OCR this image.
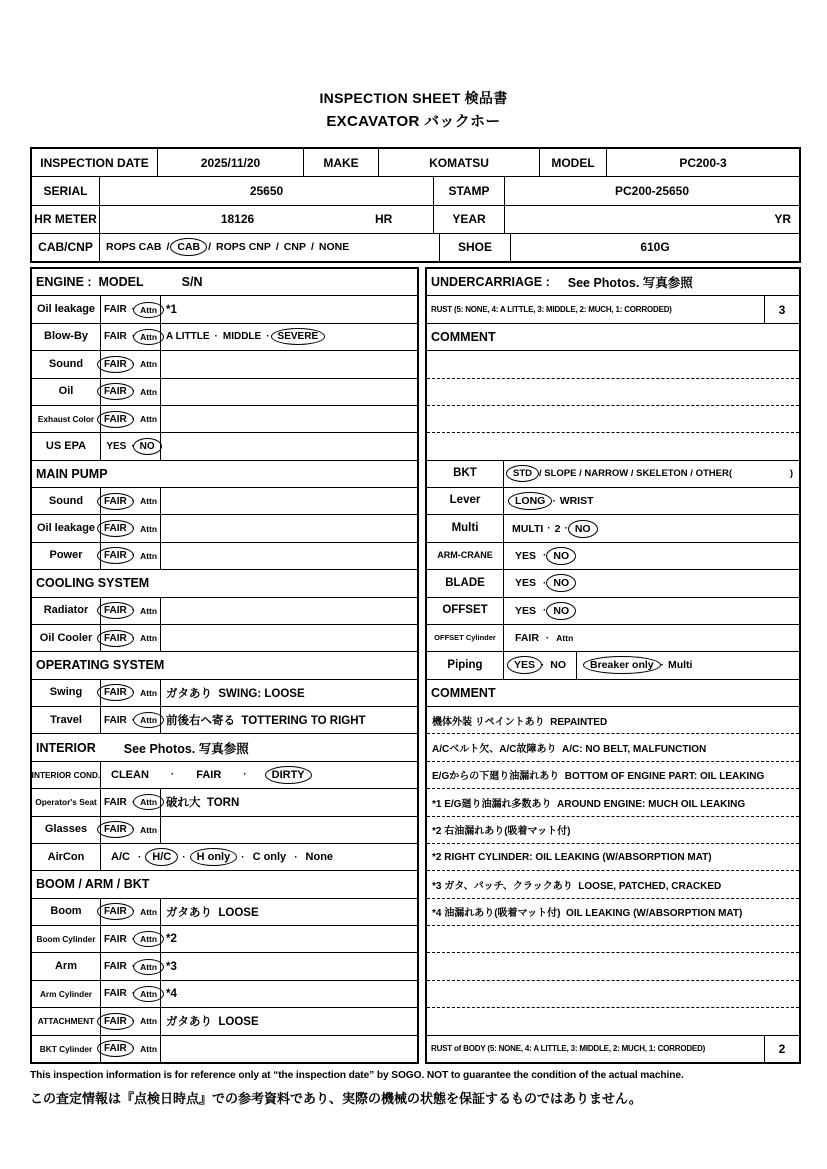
INSPECTION SHEET 検品書
EXCAVATOR バックホー
INSPECTION DATE	2025/11/20	MAKE	KOMATSU	MODEL	PC200-3
SERIAL	25650	STAMP	PC200-25650
HR METER	18126	HR	YEAR	YR
CAB/CNP	ROPS CAB / CAB / ROPS CNP / CNP / NONE	SHOE	610G
ENGINE :  MODEL	S/N
Oil leakage FAIR · Attn *1
Blow-By	FAIR · Attn A LITTLE · MIDDLE · SEVERE
Sound	FAIR · Attn
Oil	FAIR · Attn
Exhaust Color FAIR · Attn
US EPA	YES · NO
MAIN PUMP
Sound	FAIR · Attn
Oil leakage FAIR · Attn
Power	FAIR · Attn
COOLING SYSTEM
Radiator	FAIR · Attn
Oil Cooler	FAIR · Attn
OPERATING SYSTEM
Swing	FAIR · Attn ガタあり  SWING: LOOSE
Travel	FAIR · Attn 前後右へ寄る  TOTTERING TO RIGHT
INTERIOR See Photos. 写真参照
INTERIOR COND. CLEAN · FAIR · DIRTY
Operator's Seat FAIR · Attn 破れ大  TORN
Glasses	FAIR · Attn
AirCon	A/C · H/C	· H only	· C only · None
BOOM / ARM / BKT
Boom	FAIR · Attn ガタあり  LOOSE
Boom Cylinder FAIR · Attn *2
Arm	FAIR · Attn *3
Arm Cylinder	FAIR · Attn *4
ATTACHMENT FAIR · Attn ガタあり  LOOSE
BKT Cylinder	FAIR · Attn
UNDERCARRIAGE : See Photos. 写真参照
RUST (5: NONE, 4: A LITTLE, 3: MIDDLE, 2: MUCH, 1: CORRODED)	3
COMMENT
BKT	STD / SLOPE / NARROW / SKELETON / OTHER(	)
Lever	LONG · WRIST
Multi	MULTI · 2 · NO
ARM-CRANE	YES · NO
BLADE	YES · NO
OFFSET	YES · NO
OFFSET Cylinder	FAIR · Attn
Piping	YES · NO Breaker only · Multi
COMMENT
機体外装 リペイントあり  REPAINTED
A/Cベルト欠、A/C故障あり  A/C: NO BELT, MALFUNCTION
E/Gからの下廻り油漏れあり  BOTTOM OF ENGINE PART: OIL LEAKING
*1 E/G廻り油漏れ多数あり  AROUND ENGINE: MUCH OIL LEAKING
*2 右油漏れあり(吸着マット付)
*2 RIGHT CYLINDER: OIL LEAKING (W/ABSORPTION MAT)
*3 ガタ、パッチ、クラックあり  LOOSE, PATCHED, CRACKED
*4 油漏れあり(吸着マット付)  OIL LEAKING (W/ABSORPTION MAT)
RUST of BODY (5: NONE, 4: A LITTLE, 3: MIDDLE, 2: MUCH, 1: CORRODED)	2
This inspection information is for reference only at “the inspection date” by SOGO. NOT to guarantee the condition of the actual machine.
この査定情報は『点検日時点』での参考資料であり、実際の機械の状態を保証するものではありません。
